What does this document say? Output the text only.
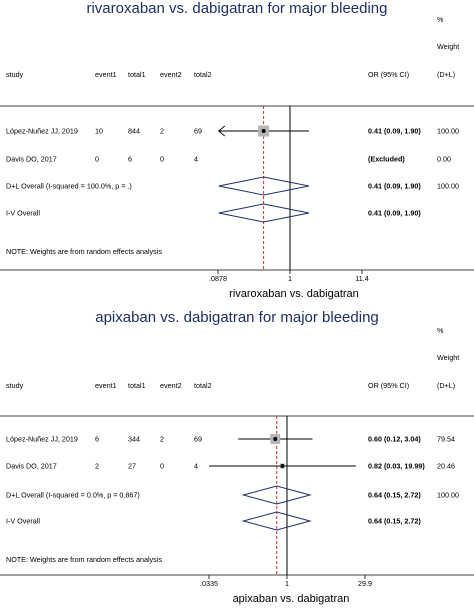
rivaroxaban vs. dabigatran for major bleeding
%
Weight
(D+L)
study	event1 total1 event2 total2	OR (95% CI)
López-Nuñez JJ, 2019 10	844	2	69	0.41 (0.09, 1.90) 100.00
Davis DO, 2017	0	6	0	4	(Excluded)	0.00
D+L Overall (I-squared = 100.0%, p = .)	0.41 (0.09, 1.90) 100.00
I-V Overall	0.41 (0.09, 1.90)
NOTE: Weights are from random effects analysis
.0878	1	11.4
rivaroxaban vs. dabigatran
apixaban vs. dabigatran for major bleeding
%
Weight
(D+L)
study	event1 total1 event2 total2	OR (95% CI)
López-Nuñez JJ, 2019 6	344	2	69	0.60 (0.12, 3.04) 79.54
Davis DO, 2017	2	27	0	4	0.82 (0.03, 19.99) 20.46
D+L Overall (I-squared = 0.0%, p = 0.867)	0.64 (0.15, 2.72) 100.00
I-V Overall	0.64 (0.15, 2.72)
NOTE: Weights are from random effects analysis
.0335	1	29.9
apixaban vs. dabigatran
